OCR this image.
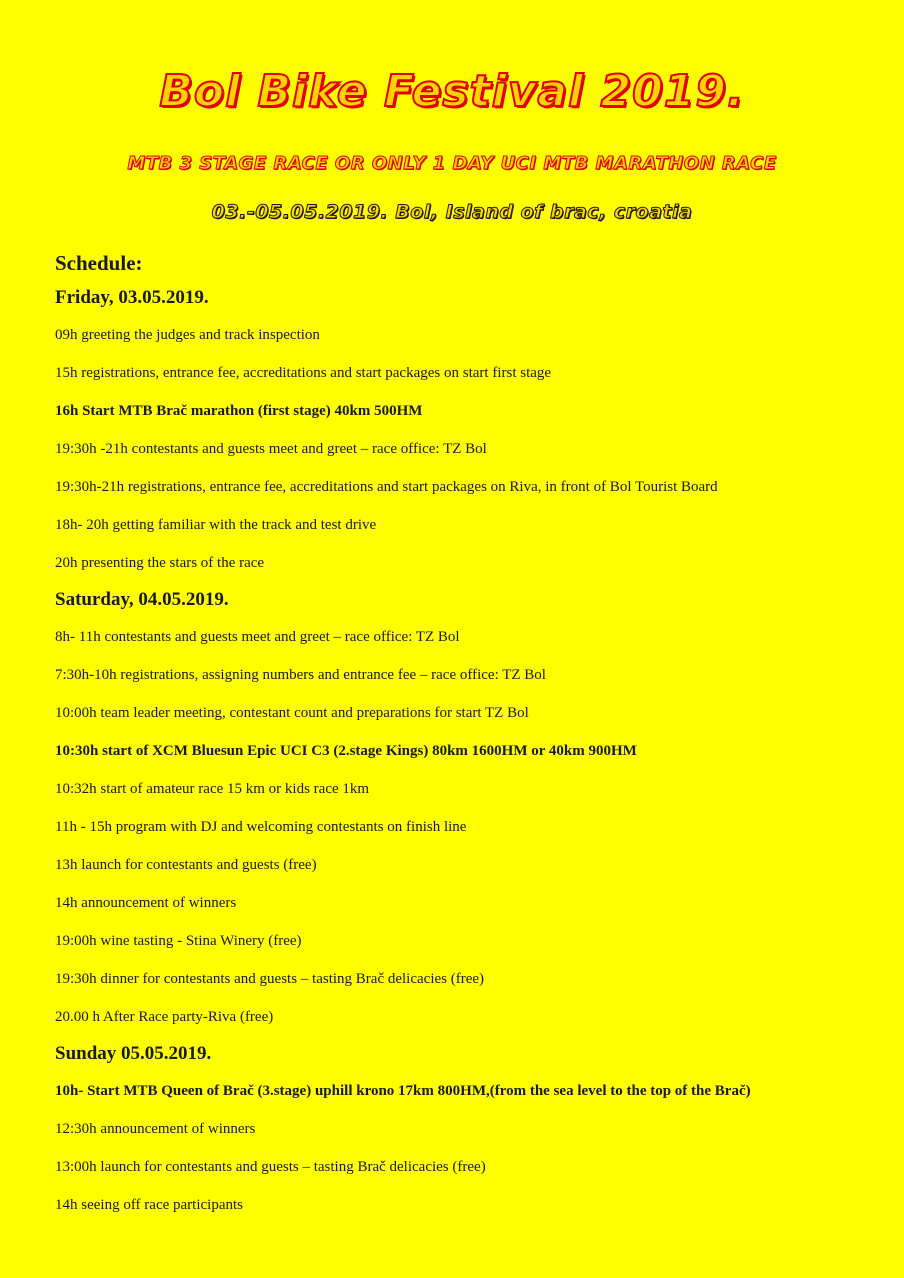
Bol Bike Festival 2019.
MTB 3 STAGE RACE OR ONLY 1 DAY UCI MTB MARATHON RACE
03.-05.05.2019. Bol, Island of brac, croatia

Schedule:

Friday, 03.05.2019.

09h greeting the judges and track inspection

15h registrations, entrance fee, accreditations and start packages on start first stage

16h Start MTB Brač marathon (first stage) 40km 500HM

19:30h -21h contestants and guests meet and greet – race office: TZ Bol

19:30h-21h registrations, entrance fee, accreditations and start packages on Riva, in front of Bol Tourist Board

18h- 20h getting familiar with the track and test drive

20h presenting the stars of the race

Saturday, 04.05.2019.

8h- 11h contestants and guests meet and greet – race office: TZ Bol

7:30h-10h registrations, assigning numbers and entrance fee – race office: TZ Bol

10:00h team leader meeting, contestant count and preparations for start TZ Bol

10:30h start of XCM Bluesun Epic UCI C3 (2.stage Kings) 80km 1600HM or 40km 900HM

10:32h start of amateur race 15 km or kids race 1km

11h - 15h program with DJ and welcoming contestants on finish line

13h launch for contestants and guests (free)

14h announcement of winners

19:00h wine tasting - Stina Winery (free)

19:30h dinner for contestants and guests – tasting Brač delicacies (free)

20.00 h After Race party-Riva (free)

Sunday 05.05.2019.

10h- Start MTB Queen of Brač (3.stage) uphill krono 17km 800HM,(from the sea level to the top of the Brač)

12:30h announcement of winners

13:00h launch for contestants and guests – tasting Brač delicacies (free)

14h seeing off race participants
